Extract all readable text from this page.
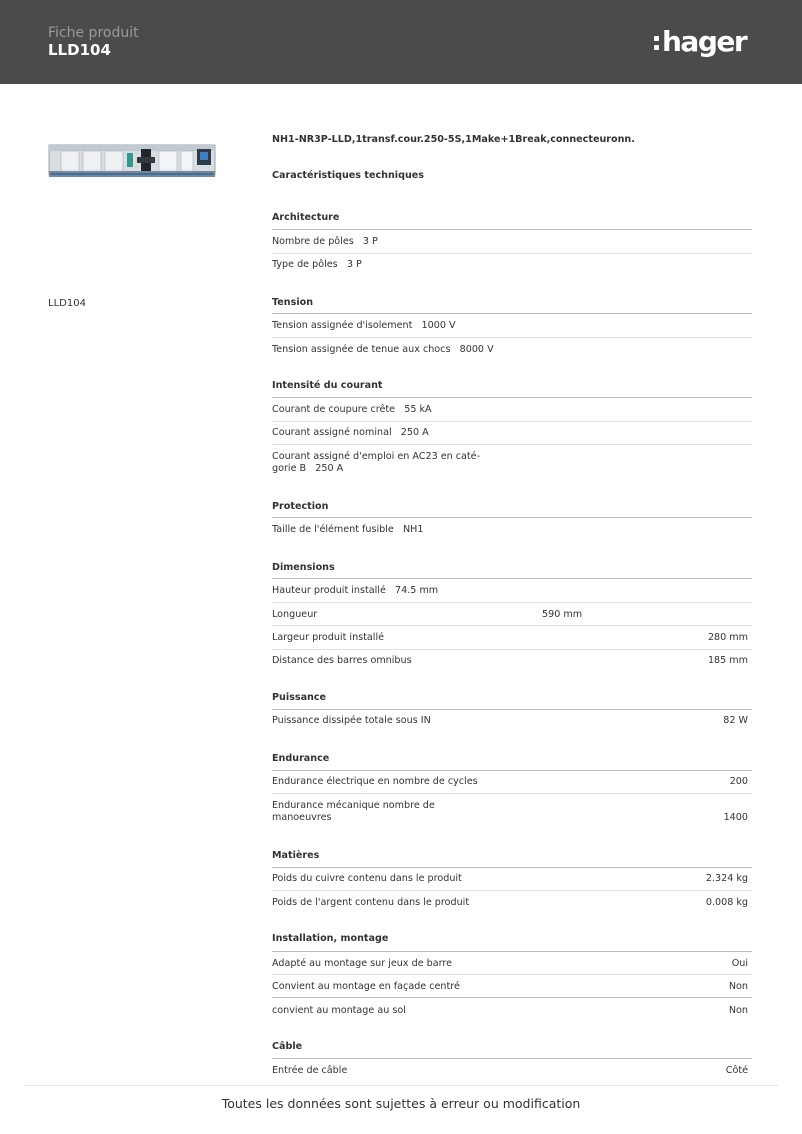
Fiche produit
LLD104	hager
LLD104
NH1-NR3P-LLD,1transf.cour.250-5S,1Make+1Break,connecteuronn.
Caractéristiques techniques
Architecture
Nombre de pôles 3 P
Type de pôles 3 P
Tension
Tension assignée d'isolement 1000 V
Tension assignée de tenue aux chocs 8000 V
Intensité du courant
Courant de coupure crête 55 kA
Courant assigné nominal 250 A
Courant assigné d'emploi en AC23 en caté-
gorie B 250 A
Protection
Taille de l'élément fusible NH1
Dimensions
Hauteur produit installé 74.5 mm
Longueur	590 mm
Largeur produit installé	280 mm
Distance des barres omnibus	185 mm
Puissance
Puissance dissipée totale sous IN	82 W
Endurance
Endurance électrique en nombre de cycles	200
Endurance mécanique nombre de
manoeuvres	1400
Matières
Poids du cuivre contenu dans le produit	2.324 kg
Poids de l'argent contenu dans le produit	0.008 kg
Installation, montage
Adapté au montage sur jeux de barre	Oui
Convient au montage en façade centré	Non
convient au montage au sol	Non
Câble
Entrée de câble	Côté
Toutes les données sont sujettes à erreur ou modification
